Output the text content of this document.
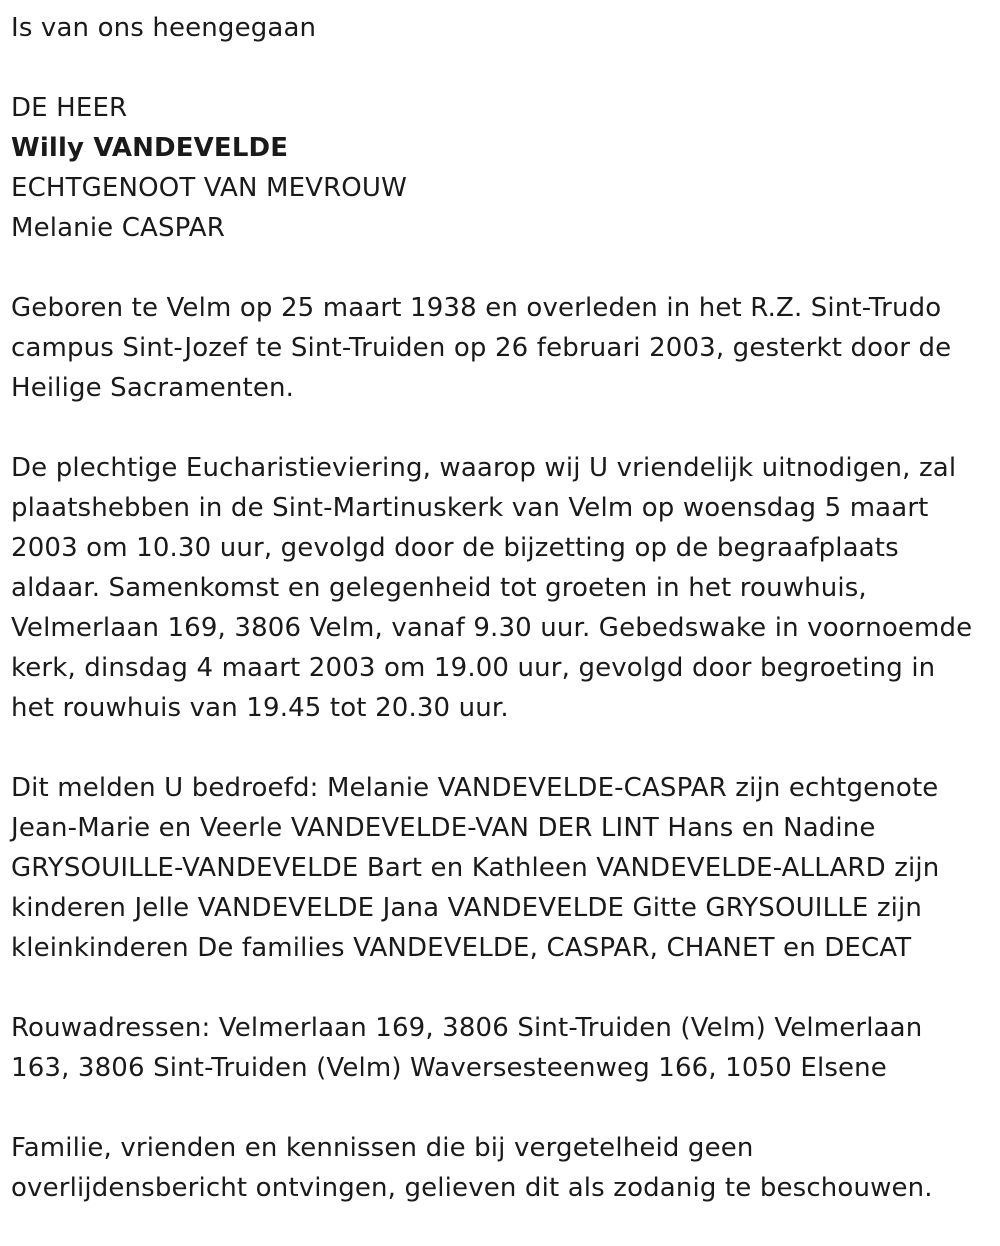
Is van ons heengegaan

DE HEER

Willy VANDEVELDE

ECHTGENOOT VAN MEVROUW

Melanie CASPAR

Geboren te Velm op 25 maart 1938 en overleden in het R.Z. Sint-Trudo
campus Sint-Jozef te Sint-Truiden op 26 februari 2003, gesterkt door de
Heilige Sacramenten.
De plechtige Eucharistieviering, waarop wij U vriendelijk uitnodigen, zal
plaatshebben in de Sint-Martinuskerk van Velm op woensdag 5 maart
2003 om 10.30 uur, gevolgd door de bijzetting op de begraafplaats
aldaar. Samenkomst en gelegenheid tot groeten in het rouwhuis,
Velmerlaan 169, 3806 Velm, vanaf 9.30 uur. Gebedswake in voornoemde
kerk, dinsdag 4 maart 2003 om 19.00 uur, gevolgd door begroeting in
het rouwhuis van 19.45 tot 20.30 uur.
Dit melden U bedroefd: Melanie VANDEVELDE-CASPAR zijn echtgenote
Jean-Marie en Veerle VANDEVELDE-VAN DER LINT Hans en Nadine
GRYSOUILLE-VANDEVELDE Bart en Kathleen VANDEVELDE-ALLARD zijn
kinderen Jelle VANDEVELDE Jana VANDEVELDE Gitte GRYSOUILLE zijn
kleinkinderen De families VANDEVELDE, CASPAR, CHANET en DECAT
Rouwadressen: Velmerlaan 169, 3806 Sint-Truiden (Velm) Velmerlaan
163, 3806 Sint-Truiden (Velm) Waversesteenweg 166, 1050 Elsene
Familie, vrienden en kennissen die bij vergetelheid geen
overlijdensbericht ontvingen, gelieven dit als zodanig te beschouwen.
